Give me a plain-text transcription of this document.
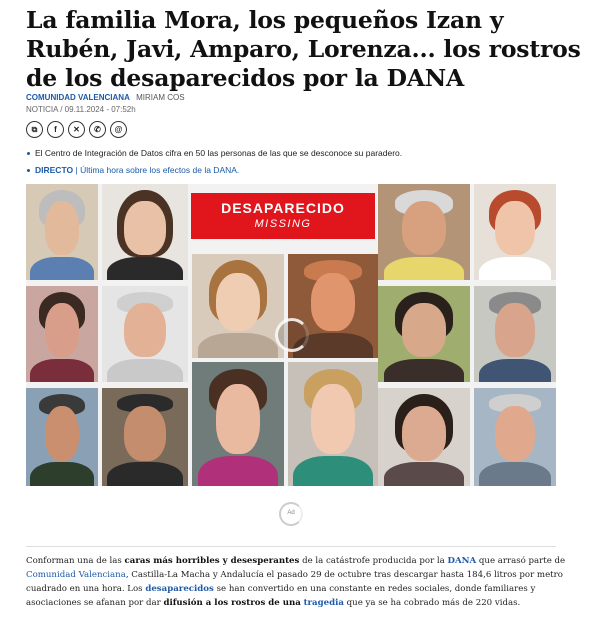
La familia Mora, los pequeños Izan y Rubén, Javi, Amparo, Lorenza... los rostros de los desaparecidos por la DANA
COMUNIDAD VALENCIANA MIRIAM COS
NOTICIA / 09.11.2024 - 07:52h
⧉	f	✕	✆	@
El Centro de Integración de Datos cifra en 50 las personas de las que se desconoce su paradero.
DIRECTO | Última hora sobre los efectos de la DANA.
DESAPARECIDO
MISSING
Ad

Conforman una de las caras más horribles y desesperantes de la catástrofe producida por la DANA que arrasó parte de Comunidad Valenciana, Castilla-La Macha y Andalucía el pasado 29 de octubre tras descargar hasta 184,6 litros por metro cuadrado en una hora. Los desaparecidos se han convertido en una constante en redes sociales, donde familiares y asociaciones se afanan por dar difusión a los rostros de una tragedia que ya se ha cobrado más de 220 vidas.
